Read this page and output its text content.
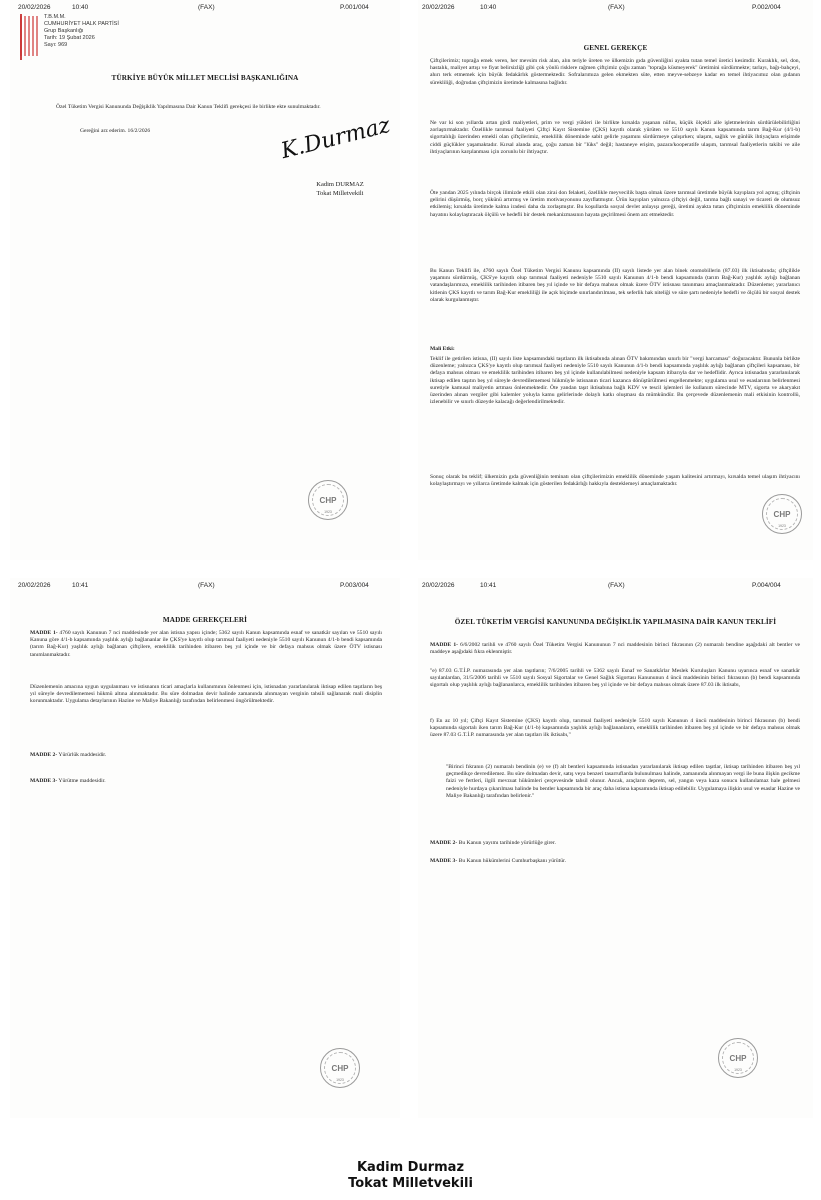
20/02/2026	10:40	(FAX)	P.001/004
T.B.M.M.
CUMHURİYET HALK PARTİSİ
Grup Başkanlığı
Tarih: 19 Şubat 2026
Sayı: 969
TÜRKİYE BÜYÜK MİLLET MECLİSİ BAŞKANLIĞINA
Özel Tüketim Vergisi Kanununda Değişiklik Yapılmasına Dair Kanun Teklifi gerekçesi ile birlikte ekte sunulmaktadır.
Gereğini arz ederim. 16/2/2026	K.Durmaz
Kadim DURMAZ
Tokat Milletvekili
20/02/2026	10:40	(FAX)	P.002/004
GENEL GEREKÇE
Çiftçilerimiz; toprağa emek veren, her mevsim risk alan, alın teriyle üreten ve ülkemizin gıda güvenliğini ayakta tutan temel üretici kesimdir. Kuraklık, sel, don, hastalık, maliyet artışı ve fiyat belirsizliği gibi çok yönlü risklere rağmen çiftçimiz çoğu zaman "toprağa küsmeyerek" üretimini sürdürmekte; tarlayı, bağı-bahçeyi, ahırı terk etmemek için büyük fedakârlık göstermektedir. Sofralarımıza gelen ekmekten süte, etten meyve-sebzeye kadar en temel ihtiyacımız olan gıdanın sürekliliği, doğrudan çiftçimizin üretimde kalmasına bağlıdır.
Ne var ki son yıllarda artan girdi maliyetleri, prim ve vergi yükleri ile birlikte kırsalda yaşanan nüfus, küçük ölçekli aile işletmelerinin sürdürülebilirliğini zorlaştırmaktadır. Özellikle tarımsal faaliyeti Çiftçi Kayıt Sistemine (ÇKS) kayıtlı olarak yürüten ve 5510 sayılı Kanun kapsamında tarım Bağ-Kur (4/1-b) sigortalılığı üzerinden emekli olan çiftçilerimiz, emeklilik döneminde sabit gelirle yaşamını sürdürmeye çalışırken; ulaşım, sağlık ve günlük ihtiyaçlara erişimde ciddi güçlükler yaşamaktadır. Kırsal alanda araç, çoğu zaman bir "lüks" değil; hastaneye erişim, pazara/kooperatife ulaşım, tarımsal faaliyetlerin takibi ve aile ihtiyaçlarının karşılanması için zorunlu bir ihtiyaçtır.
Öte yandan 2025 yılında birçok ilimizde etkili olan zirai don felaketi, özellikle meyvecilik başta olmak üzere tarımsal üretimde büyük kayıplara yol açmış; çiftçinin gelirini düşürmüş, borç yükünü artırmış ve üretim motivasyonunu zayıflatmıştır. Ürün kayıpları yalnızca çiftçiyi değil, tarıma bağlı sanayi ve ticareti de olumsuz etkilemiş; kırsalda üretimde kalma iradesi daha da zorlaşmıştır. Bu koşullarda sosyal devlet anlayışı gereği, üretimi ayakta tutan çiftçimizin emeklilik döneminde hayatını kolaylaştıracak ölçülü ve hedefli bir destek mekanizmasının hayata geçirilmesi önem arz etmektedir.
Bu Kanun Teklifi ile, 4760 sayılı Özel Tüketim Vergisi Kanunu kapsamında (II) sayılı listede yer alan binek otomobillerin (87.03) ilk iktisabında; çiftçilikle yaşamını sürdürmüş, ÇKS'ye kayıtlı olup tarımsal faaliyeti nedeniyle 5510 sayılı Kanunun 4/1-b bendi kapsamında (tarım Bağ-Kur) yaşlılık aylığı bağlanan vatandaşlarımıza, emeklilik tarihinden itibaren beş yıl içinde ve bir defaya mahsus olmak üzere ÖTV istisnası tanınması amaçlanmaktadır. Düzenleme; yararlanıcı kitlenin ÇKS kayıtlı ve tarım Bağ-Kur emekliliği ile açık biçimde sınırlandırılması, tek seferlik hak niteliği ve süre şartı nedeniyle hedefli ve ölçülü bir sosyal destek olarak kurgulanmıştır.
Mali Etki:
Teklif ile getirilen istisna, (II) sayılı liste kapsamındaki taşıtların ilk iktisabında alınan ÖTV bakımından sınırlı bir "vergi harcaması" doğuracaktır. Bununla birlikte düzenleme; yalnızca ÇKS'ye kayıtlı olup tarımsal faaliyeti nedeniyle 5510 sayılı Kanunun 4/1-b bendi kapsamında yaşlılık aylığı bağlanan çiftçileri kapsaması, bir defaya mahsus olması ve emeklilik tarihinden itibaren beş yıl içinde kullanılabilmesi nedeniyle kapsam itibarıyla dar ve hedeflidir. Ayrıca istisnadan yararlanılarak iktisap edilen taşıtın beş yıl süreyle devredilememesi hükmüyle istisnanın ticari kazanca dönüştürülmesi engellenmekte; uygulama usul ve esaslarının belirlenmesi suretiyle kamusal maliyetin artması önlenmektedir. Öte yandan taşıt iktisabına bağlı KDV ve tescil işlemleri ile kullanım sürecinde MTV, sigorta ve akaryakıt üzerinden alınan vergiler gibi kalemler yoluyla kamu gelirlerinde dolaylı katkı oluşması da mümkündür. Bu çerçevede düzenlemenin mali etkisinin kontrollü, izlenebilir ve sınırlı düzeyde kalacağı değerlendirilmektedir.
Sonuç olarak bu teklif; ülkemizin gıda güvenliğinin teminatı olan çiftçilerimizin emeklilik döneminde yaşam kalitesini artırmayı, kırsalda temel ulaşım ihtiyacını kolaylaştırmayı ve yıllarca üretimde kalmak için gösterilen fedakârlığı hakkıyla desteklemeyi amaçlamaktadır.
CHP
1923	CHP
1923
20/02/2026	10:41	(FAX)	P.003/004
MADDE GEREKÇELERİ
MADDE 1- 4760 sayılı Kanunun 7 nci maddesinde yer alan istisna yapısı içinde; 5362 sayılı Kanun kapsamında esnaf ve sanatkâr sayılan ve 5510 sayılı Kanuna göre 4/1-b kapsamında yaşlılık aylığı bağlananlar ile ÇKS'ye kayıtlı olup tarımsal faaliyeti nedeniyle 5510 sayılı Kanunun 4/1-b bendi kapsamında (tarım Bağ-Kur) yaşlılık aylığı bağlanan çiftçilere, emeklilik tarihinden itibaren beş yıl içinde ve bir defaya mahsus olmak üzere ÖTV istisnası tanımlanmaktadır.
Düzenlemenin amacına uygun uygulanması ve istisnanın ticari amaçlarla kullanımının önlenmesi için, istisnadan yararlanılarak iktisap edilen taşıtların beş yıl süreyle devredilememesi hükmü altına alınmaktadır. Bu süre dolmadan devir halinde zamanında alınmayan verginin tahsili sağlanarak mali disiplin korunmaktadır. Uygulama detaylarının Hazine ve Maliye Bakanlığı tarafından belirlenmesi öngörülmektedir.
MADDE 2- Yürürlük maddesidir.
MADDE 3- Yürütme maddesidir.
CHP
1923
20/02/2026	10:41	(FAX)	P.004/004
ÖZEL TÜKETİM VERGİSİ KANUNUNDA DEĞİŞİKLİK YAPILMASINA DAİR KANUN TEKLİFİ
MADDE 1- 6/6/2002 tarihli ve 4760 sayılı Özel Tüketim Vergisi Kanununun 7 nci maddesinin birinci fıkrasının (2) numaralı bendine aşağıdaki alt bentler ve maddeye aşağıdaki fıkra eklenmiştir.
"e) 87.03 G.T.İ.P. numarasında yer alan taşıtların; 7/6/2005 tarihli ve 5362 sayılı Esnaf ve Sanatkârlar Meslek Kuruluşları Kanunu uyarınca esnaf ve sanatkâr sayılanlardan, 31/5/2006 tarihli ve 5510 sayılı Sosyal Sigortalar ve Genel Sağlık Sigortası Kanununun 4 üncü maddesinin birinci fıkrasının (b) bendi kapsamında sigortalı olup yaşlılık aylığı bağlananlarca, emeklilik tarihinden itibaren beş yıl içinde ve bir defaya mahsus olmak üzere 87.03 ilk iktisabı,
f) En az 10 yıl; Çiftçi Kayıt Sistemine (ÇKS) kayıtlı olup, tarımsal faaliyeti nedeniyle 5510 sayılı Kanunun 4 üncü maddesinin birinci fıkrasının (b) bendi kapsamında sigortalı iken tarım Bağ-Kur (4/1-b) kapsamında yaşlılık aylığı bağlananların, emeklilik tarihinden itibaren beş yıl içinde ve bir defaya mahsus olmak üzere 87.03 G.T.İ.P. numarasında yer alan taşıtları ilk iktisabı,"
"Birinci fıkranın (2) numaralı bendinin (e) ve (f) alt bentleri kapsamında istisnadan yararlanılarak iktisap edilen taşıtlar, iktisap tarihinden itibaren beş yıl geçmedikçe devredilemez. Bu süre dolmadan devir, satış veya benzeri tasarruflarda bulunulması halinde, zamanında alınmayan vergi ile buna ilişkin gecikme faizi ve fertleri, ilgili mevzuat hükümleri çerçevesinde tahsil olunur. Ancak, araçların deprem, sel, yangın veya kaza sonucu kullanılamaz hale gelmesi nedeniyle hurdaya çıkarılması halinde bu bentler kapsamında bir araç daha istisna kapsamında iktisap edilebilir. Uygulamaya ilişkin usul ve esaslar Hazine ve Maliye Bakanlığı tarafından belirlenir."
MADDE 2- Bu Kanun yayımı tarihinde yürürlüğe girer.
MADDE 3- Bu Kanun hükümlerini Cumhurbaşkanı yürütür.
CHP
1923
Kadim Durmaz
Tokat Milletvekili
